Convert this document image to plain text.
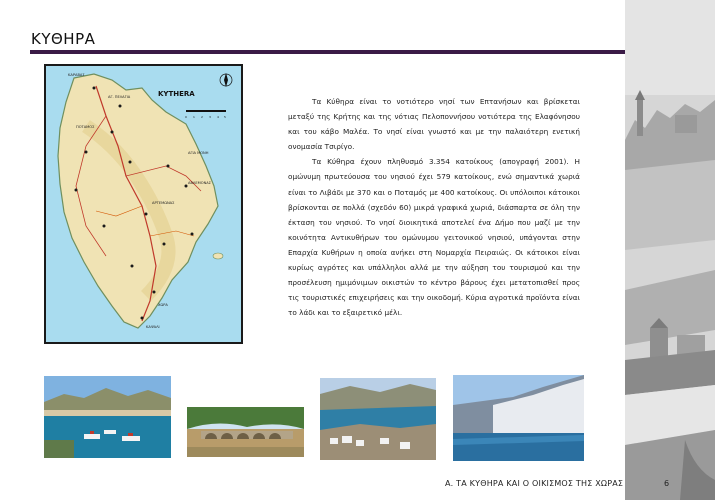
ΚΥΘΗΡΑ
ΚΑΡΑΒΑΣ
ΑΓ. ΠΕΛΑΓΙΑ
ΠΟΤΑΜΟΣ
ΑΓΙΑ ΜΟΝΗ
ΑΒΛΕΜΟΝΑΣ
ΑΡΤΕΜΩΝΑΣ
ΧΩΡΑ
ΚΑΨΑΛΙ
KYTHERA
0 1 2 3 4 5

Τα Κύθηρα είναι το νοτιότερο νησί των Επτανήσων και βρίσκεται μεταξύ της Κρήτης και της νότιας Πελοποννήσου νοτιότερα της Ελαφόνησου και του κάβο Μαλέα. Το νησί είναι γνωστό και με την παλαιότερη ενετική ονομασία Τσιρίγο.

Τα Κύθηρα έχουν πληθυσμό 3.354 κατοίκους (απογραφή 2001). Η ομώνυμη πρωτεύουσα του νησιού έχει 579 κατοίκους, ενώ σημαντικά χωριά είναι το Λιβάδι με 370 και ο Ποταμός με 400 κατοίκους. Οι υπόλοιποι κάτοικοι βρίσκονται σε πολλά (σχεδόν 60) μικρά γραφικά χωριά, διάσπαρτα σε όλη την έκταση του νησιού. Το νησί διοικητικά αποτελεί ένα Δήμο που μαζί με την κοινότητα Αντικυθήρων του ομώνυμου γειτονικού νησιού, υπάγονται στην Επαρχία Κυθήρων η οποία ανήκει στη Νομαρχία Πειραιώς. Οι κάτοικοι είναι κυρίως αγρότες και υπάλληλοι αλλά με την αύξηση του τουρισμού και την προσέλευση ημιμόνιμων οικιστών το κέντρο βάρους έχει μετατοπισθεί προς τις τουριστικές επιχειρήσεις και την οικοδομή. Κύρια αγροτικά προϊόντα είναι το λάδι και το εξαιρετικό μέλι.

Α. ΤΑ ΚΥΘΗΡΑ ΚΑΙ Ο ΟΙΚΙΣΜΟΣ ΤΗΣ ΧΩΡΑΣ	6
